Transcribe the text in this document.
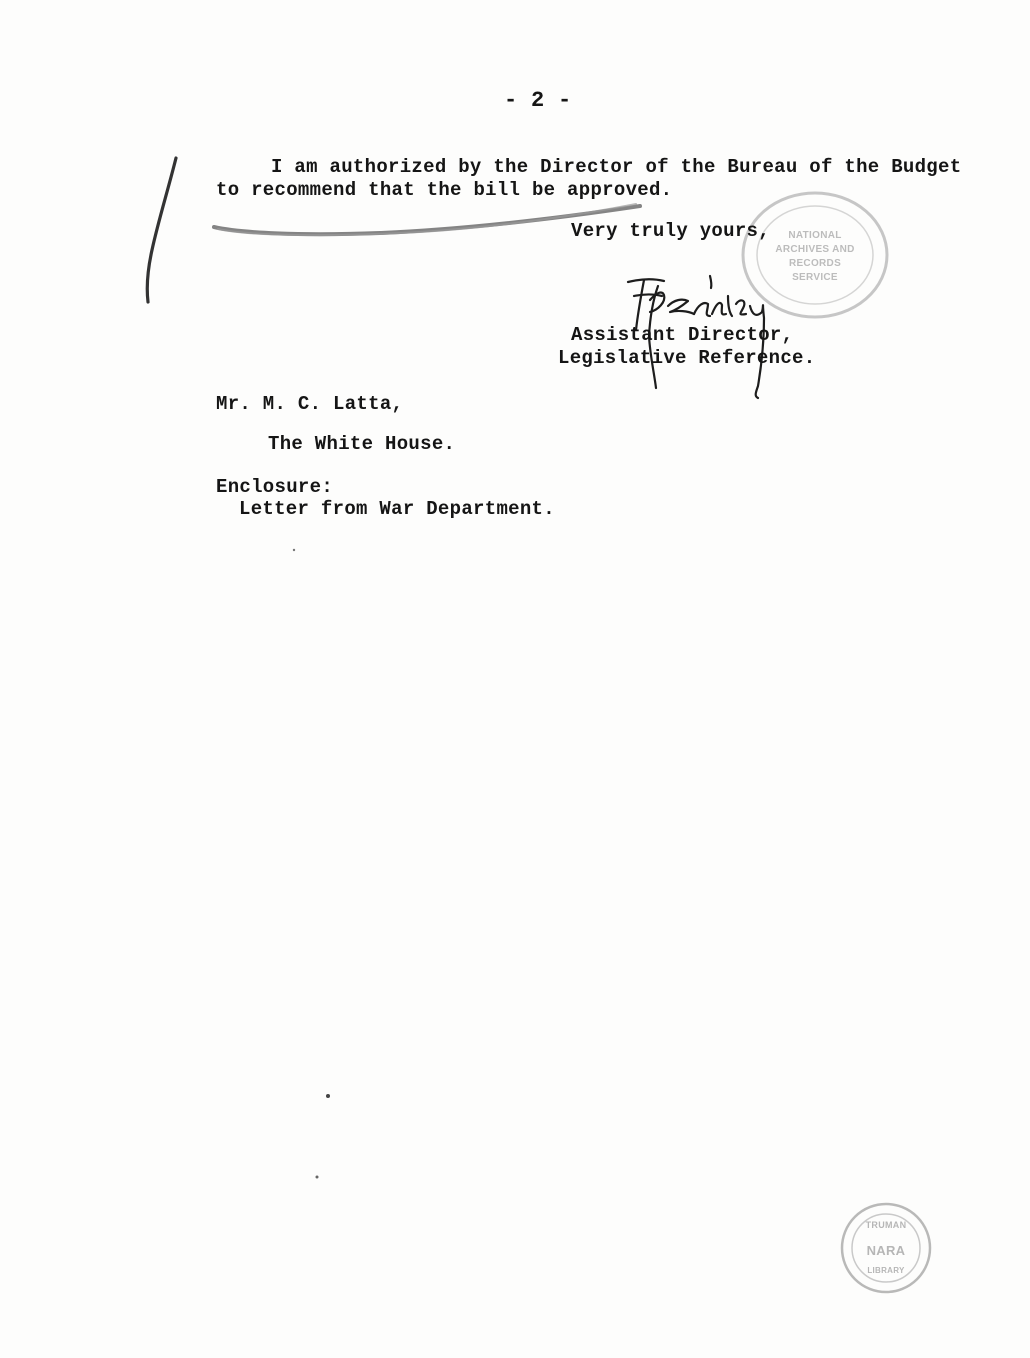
NATIONAL
ARCHIVES AND
RECORDS
SERVICE
TRUMAN
NARA
LIBRARY
- 2 -
I am authorized by the Director of the Bureau of the Budget
to recommend that the bill be approved.
Very truly yours,
Assistant Director,
Legislative Reference.
Mr. M. C. Latta,
The White House.
Enclosure:
Letter from War Department.
